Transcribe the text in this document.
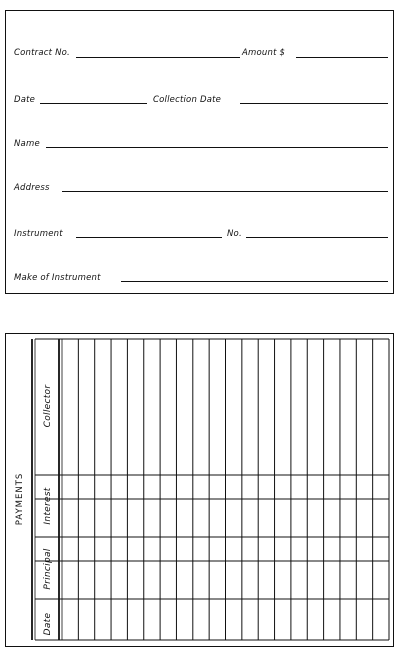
Contract No.	Amount $
Date	Collection Date
Name
Address
Instrument	No.
Make of Instrument
PAYMENTS
Collector
Interest
Principal
Date
